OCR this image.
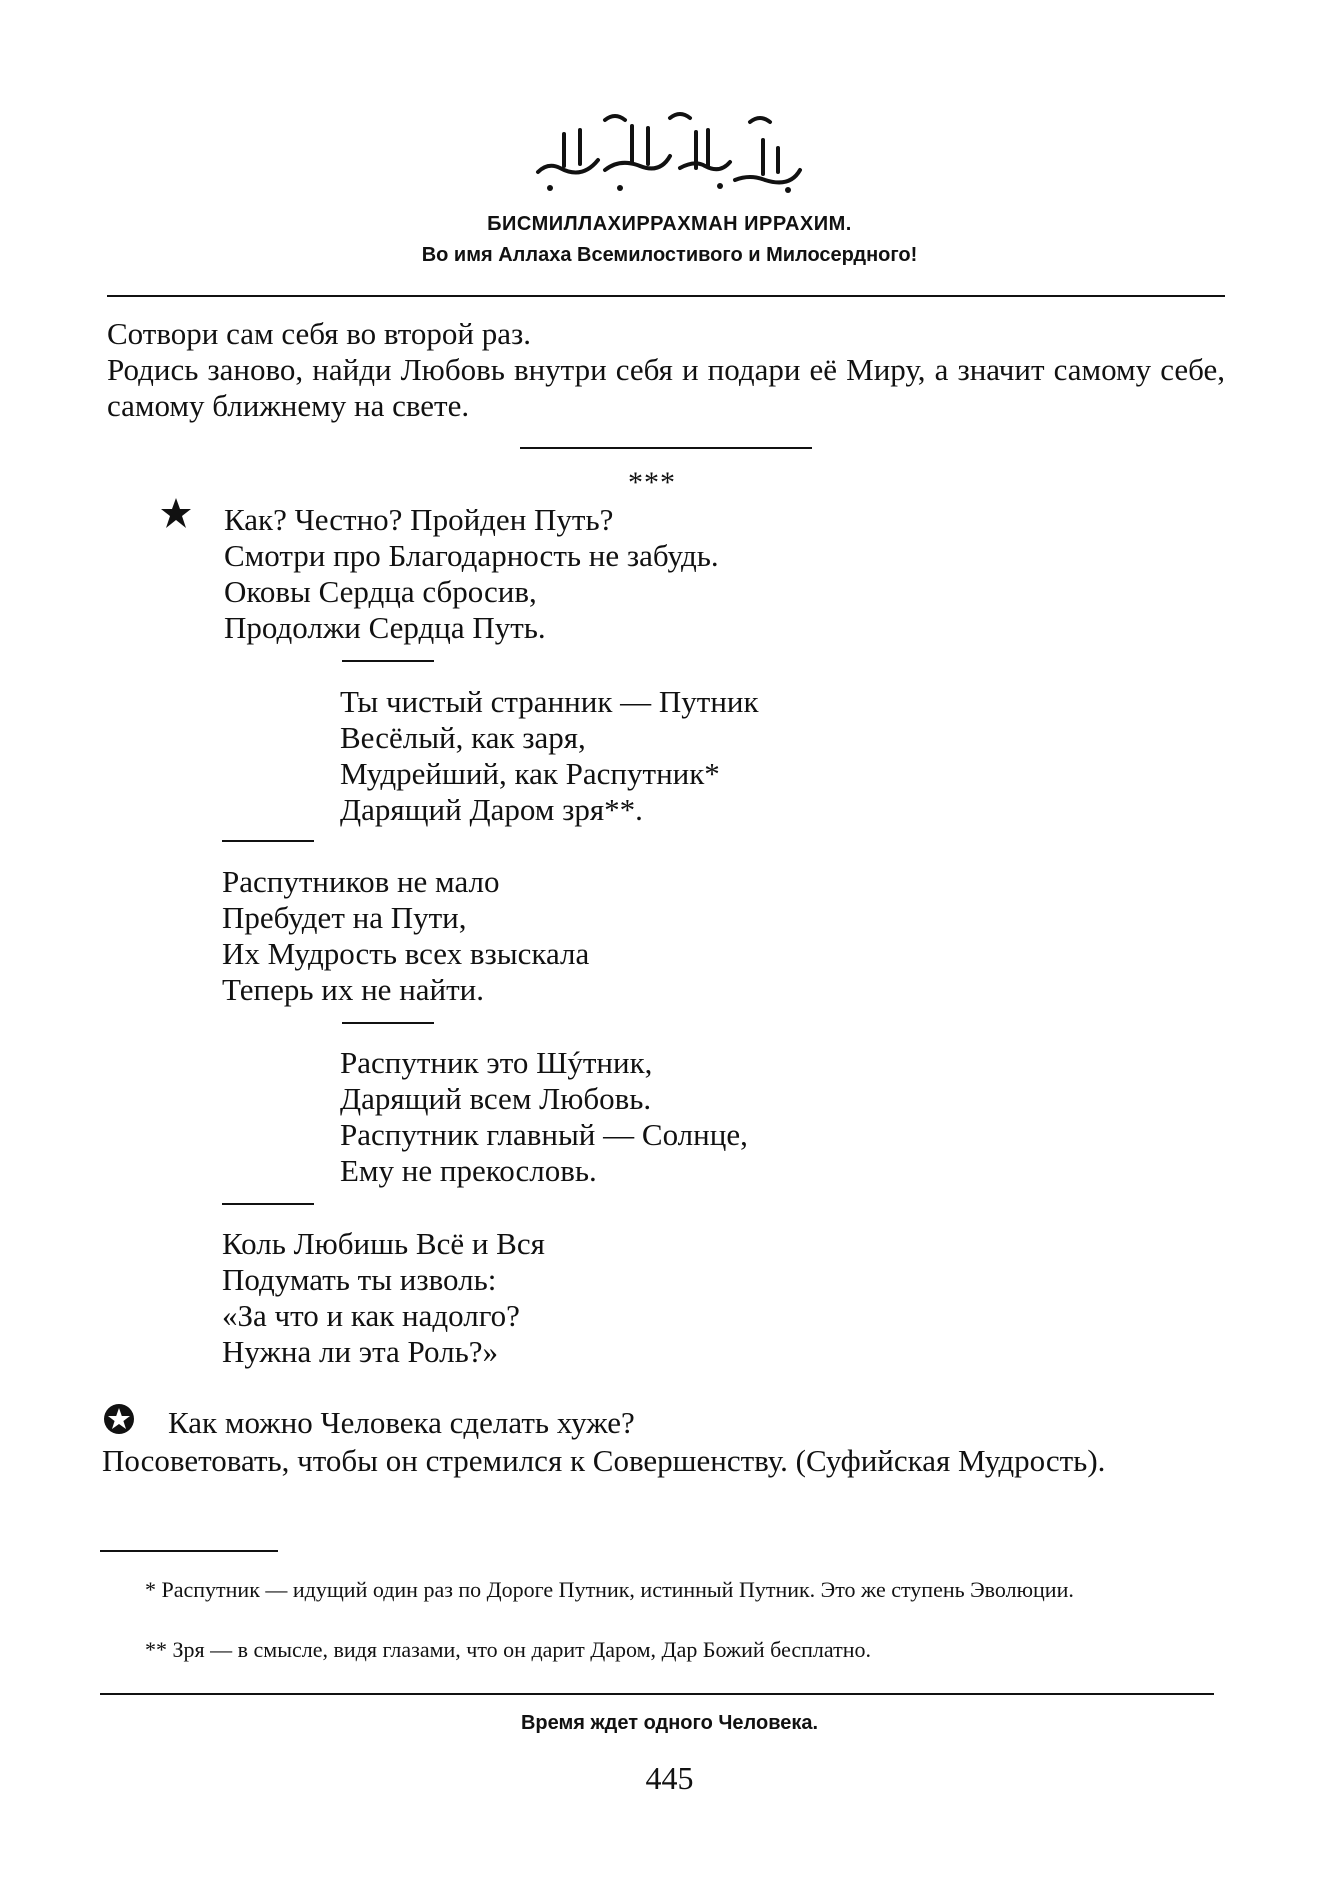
БИСМИЛЛАХИРРАХМАН ИРРАХИМ.
Во имя Аллаха Всемилостивого и Милосердного!
Сотвори сам себя во второй раз.
Родись заново, найди Любовь внутри себя и подари её Миру, а значит самому себе, самому ближнему на свете.
***
Как? Честно? Пройден Путь?
Смотри про Благодарность не забудь.
Оковы Сердца сбросив,
Продолжи Сердца Путь.
Ты чистый странник — Путник
Весёлый, как заря,
Мудрейший, как Распутник*
Дарящий Даром зря**.
Распутников не мало
Пребудет на Пути,
Их Мудрость всех взыскала
Теперь их не найти.
Распутник это Шýтник,
Дарящий всем Любовь.
Распутник главный — Солнце,
Ему не прекословь.
Коль Любишь Всё и Вся
Подумать ты изволь:
«За что и как надолго?
Нужна ли эта Роль?»
Как можно Человека сделать хуже?
Посоветовать, чтобы он стремился к Совершенству. (Суфийская Мудрость).
* Распутник — идущий один раз по Дороге Путник, истинный Путник. Это же ступень Эволюции.
** Зря — в смысле, видя глазами, что он дарит Даром, Дар Божий бесплатно.
Время ждет одного Человека.
445
